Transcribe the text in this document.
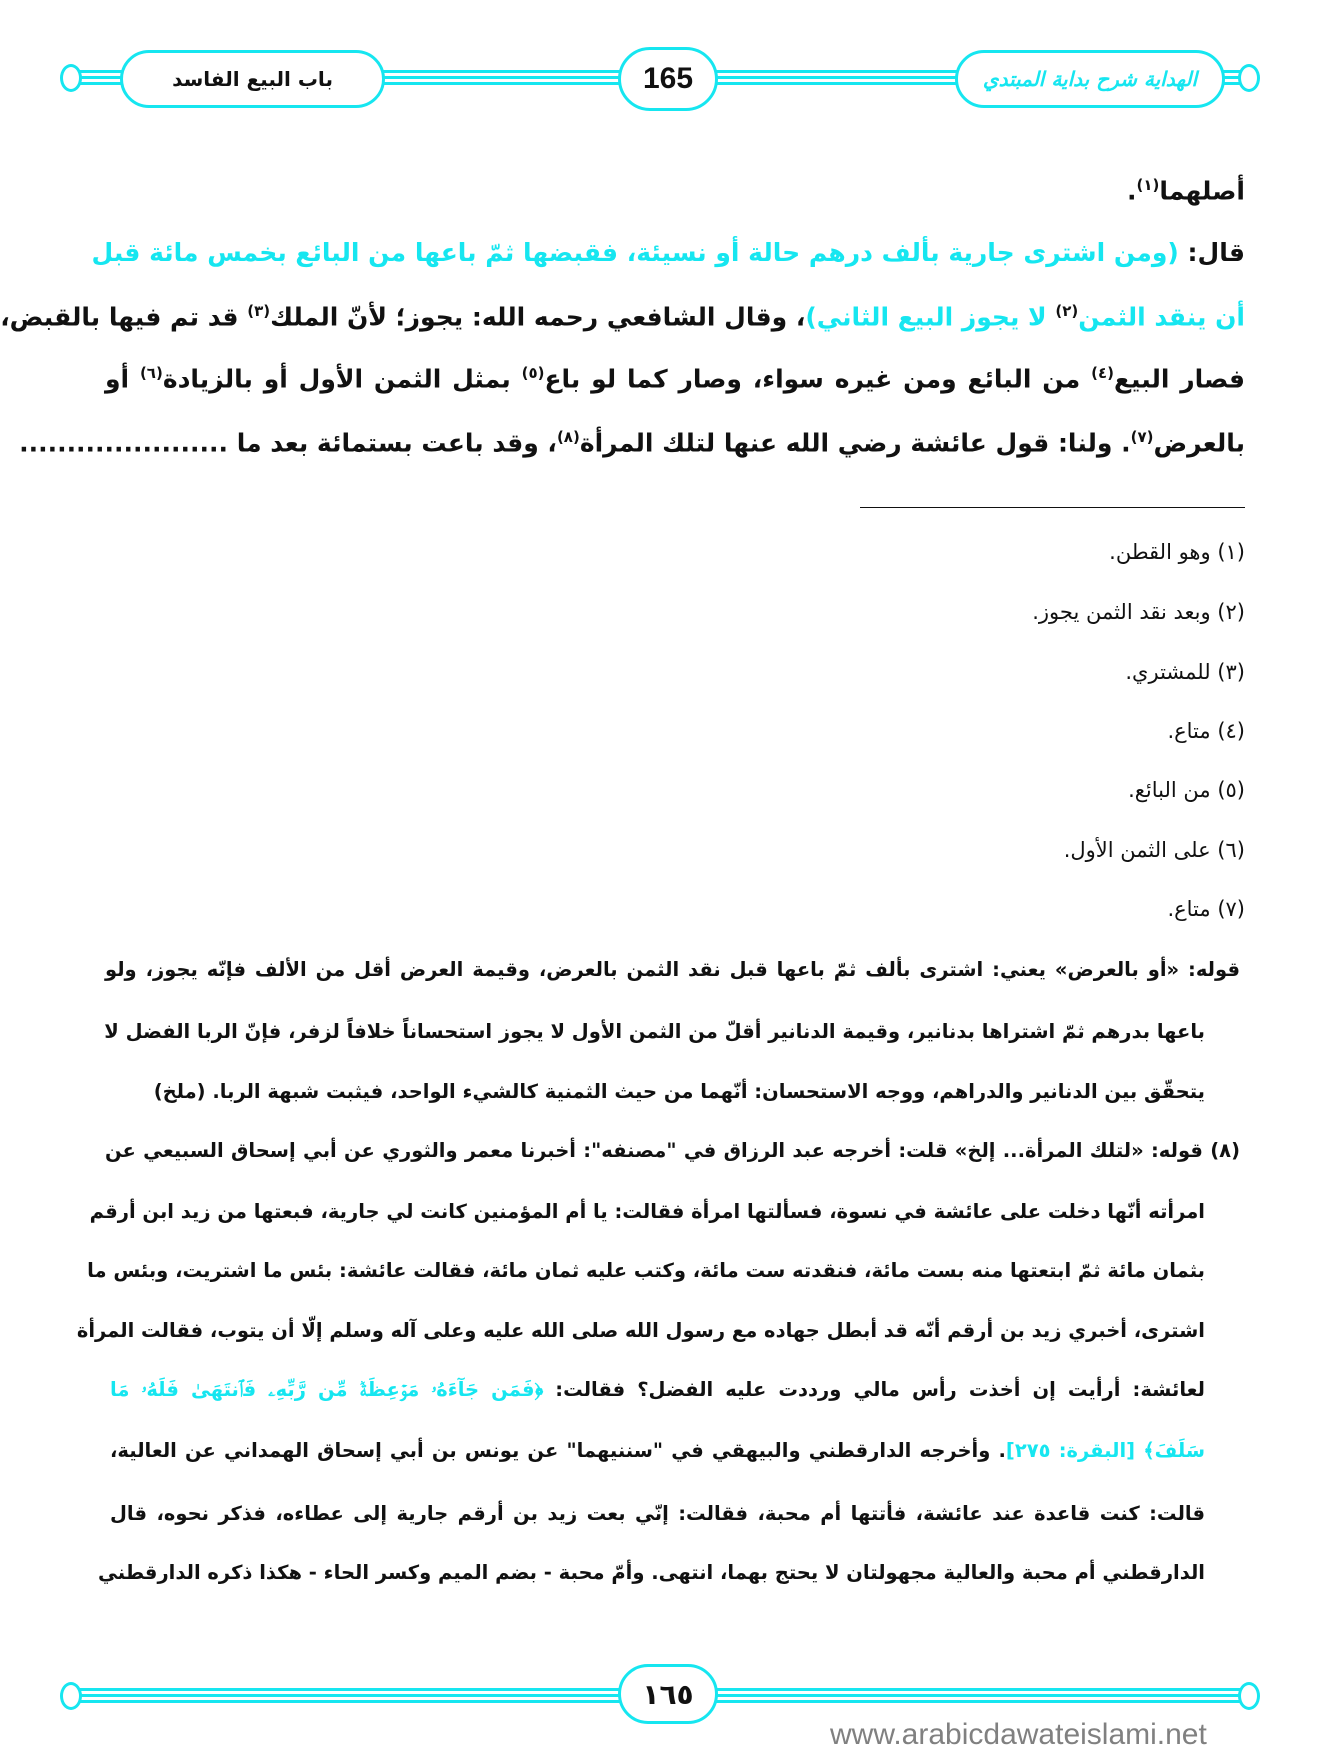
باب البيع الفاسد	165	الهداية شرح بداية المبتدي
أصلهما$^{(١)}$.
قال: (ومن اشترى جارية بألف درهم حالة أو نسيئة، فقبضها ثمّ باعها من البائع بخمس مائة قبل
أن ينقد الثمن$^{(٢)}$ لا يجوز البيع الثاني)، وقال الشافعي رحمه الله: يجوز؛ لأنّ الملك$^{(٣)}$ قد تم فيها بالقبض،
فصار البيع$^{(٤)}$ من البائع ومن غيره سواء، وصار كما لو باع$^{(٥)}$ بمثل الثمن الأول أو بالزيادة$^{(٦)}$ أو
بالعرض$^{(٧)}$. ولنا: قول عائشة رضي الله عنها لتلك المرأة$^{(٨)}$، وقد باعت بستمائة بعد ما ......................
(١) وهو القطن.
(٢) وبعد نقد الثمن يجوز.
(٣) للمشتري.
(٤) متاع.
(٥) من البائع.
(٦) على الثمن الأول.
(٧) متاع.
قوله: «أو بالعرض» يعني: اشترى بألف ثمّ باعها قبل نقد الثمن بالعرض، وقيمة العرض أقل من الألف فإنّه يجوز، ولو
باعها بدرهم ثمّ اشتراها بدنانير، وقيمة الدنانير أقلّ من الثمن الأول لا يجوز استحساناً خلافاً لزفر، فإنّ الربا الفضل لا
يتحقّق بين الدنانير والدراهم، ووجه الاستحسان: أنّهما من حيث الثمنية كالشيء الواحد، فيثبت شبهة الربا. (ملخ)
(٨) قوله: «لتلك المرأة... إلخ» قلت: أخرجه عبد الرزاق في "مصنفه": أخبرنا معمر والثوري عن أبي إسحاق السبيعي عن
امرأته أنّها دخلت على عائشة في نسوة، فسألتها امرأة فقالت: يا أم المؤمنين كانت لي جارية، فبعتها من زيد ابن أرقم
بثمان مائة ثمّ ابتعتها منه بست مائة، فنقدته ست مائة، وكتب عليه ثمان مائة، فقالت عائشة: بئس ما اشتريت، وبئس ما
اشترى، أخبري زيد بن أرقم أنّه قد أبطل جهاده مع رسول الله صلى الله عليه وعلى آله وسلم إلّا أن يتوب، فقالت المرأة
لعائشة: أرأيت إن أخذت رأس مالي ورددت عليه الفضل؟ فقالت: ﴿فَمَن جَآءَهُۥ مَوۡعِظَةٞ مِّن رَّبِّهِۦ فَٱنتَهَىٰ فَلَهُۥ مَا
سَلَفَ﴾ [البقرة: ٢٧٥]. وأخرجه الدارقطني والبيهقي في "سننيهما" عن يونس بن أبي إسحاق الهمداني عن العالية،
قالت: كنت قاعدة عند عائشة، فأتتها أم محبة، فقالت: إنّي بعت زيد بن أرقم جارية إلى عطاءه، فذكر نحوه، قال
الدارقطني أم محبة والعالية مجهولتان لا يحتج بهما، انتهى. وأمّ محبة - بضم الميم وكسر الحاء - هكذا ذكره الدارقطني
١٦٥
www.arabicdawateislami.net
